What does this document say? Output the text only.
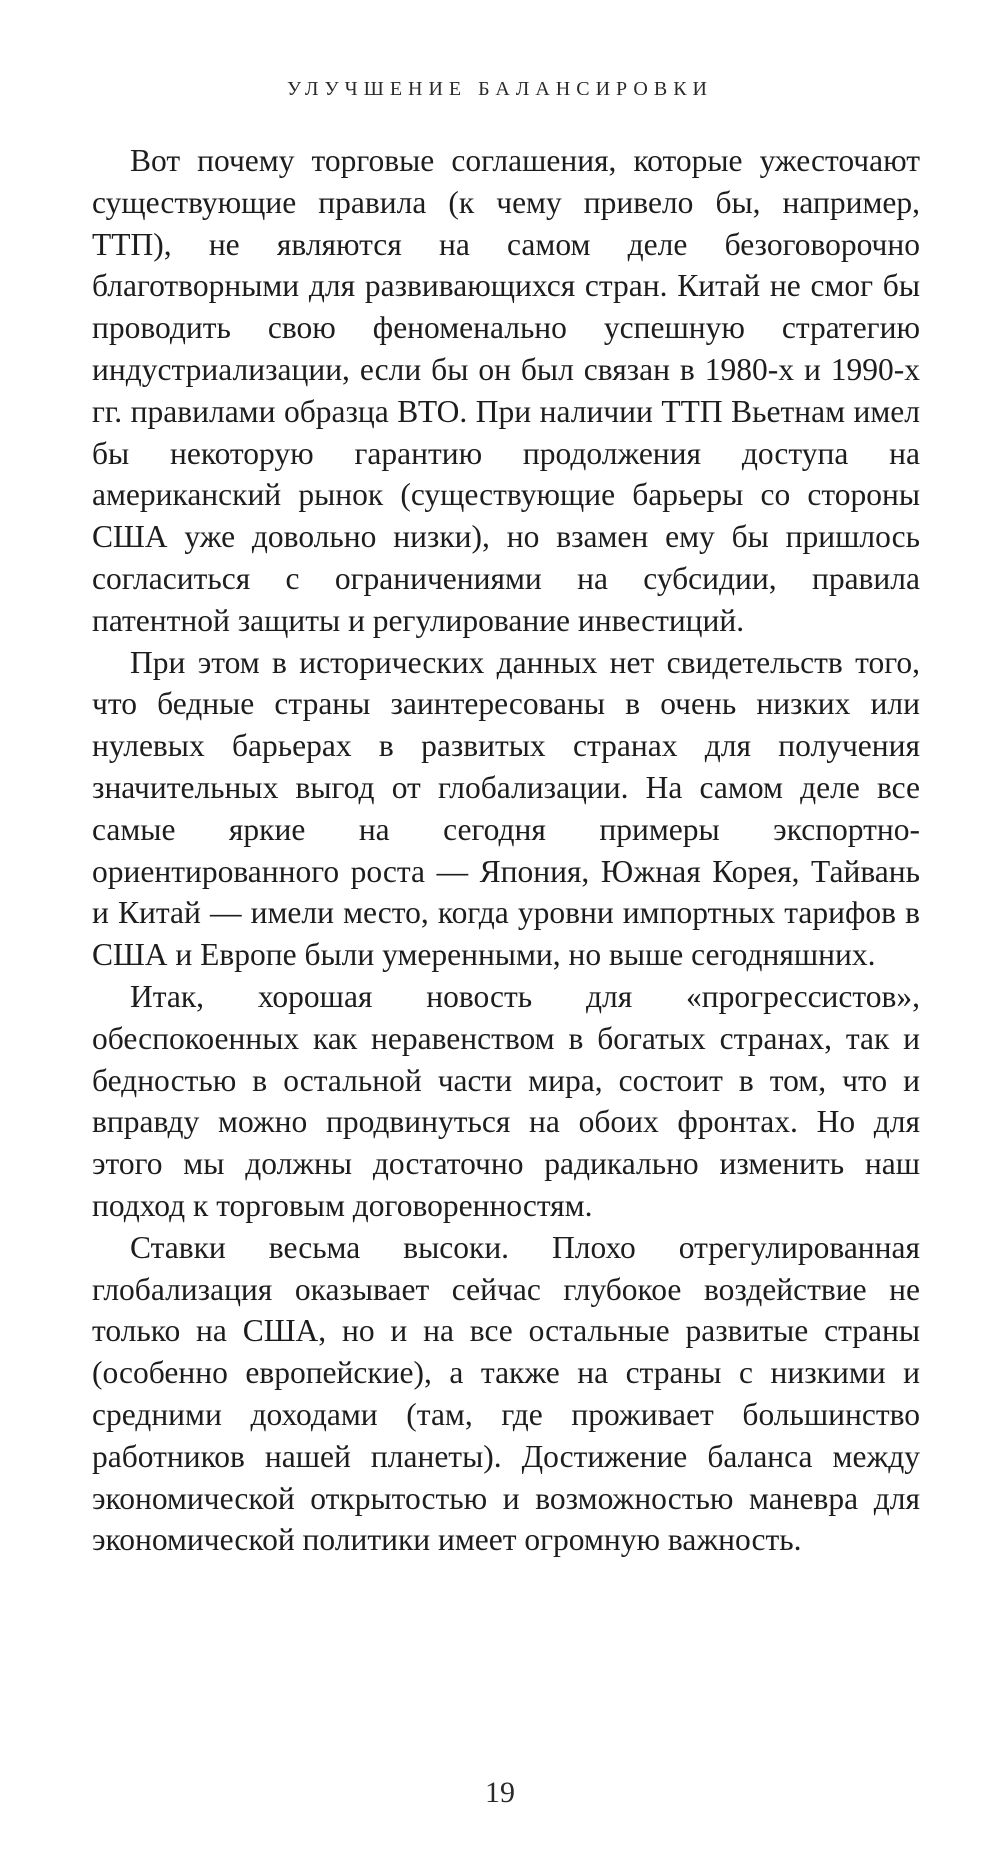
УЛУЧШЕНИЕ БАЛАНСИРОВКИ

Вот почему торговые соглашения, которые ужесточают существующие правила (к чему привело бы, например, ТТП), не являются на самом деле безоговорочно благотворными для развивающихся стран. Китай не смог бы проводить свою феноменально успешную стратегию индустриализации, если бы он был связан в 1980-х и 1990-х гг. правилами образца ВТО. При наличии ТТП Вьетнам имел бы некоторую гарантию продолжения доступа на американский рынок (существующие барьеры со стороны США уже довольно низки), но взамен ему бы пришлось согласиться с ограничениями на субсидии, правила патентной защиты и регулирование инвестиций.

При этом в исторических данных нет свидетельств того, что бедные страны заинтересованы в очень низких или нулевых барьерах в развитых странах для получения значительных выгод от глобализации. На самом деле все самые яркие на сегодня примеры экспортно-ориентированного роста — Япония, Южная Корея, Тайвань и Китай — имели место, когда уровни импортных тарифов в США и Европе были умеренными, но выше сегодняшних.

Итак, хорошая новость для «прогрессистов», обеспокоенных как неравенством в богатых странах, так и бедностью в остальной части мира, состоит в том, что и вправду можно продвинуться на обоих фронтах. Но для этого мы должны достаточно радикально изменить наш подход к торговым договоренностям.

Ставки весьма высоки. Плохо отрегулированная глобализация оказывает сейчас глубокое воздействие не только на США, но и на все остальные развитые страны (особенно европейские), а также на страны с низкими и средними доходами (там, где проживает большинство работников нашей планеты). Достижение баланса между экономической открытостью и возможностью маневра для экономической политики имеет огромную важность.

19
